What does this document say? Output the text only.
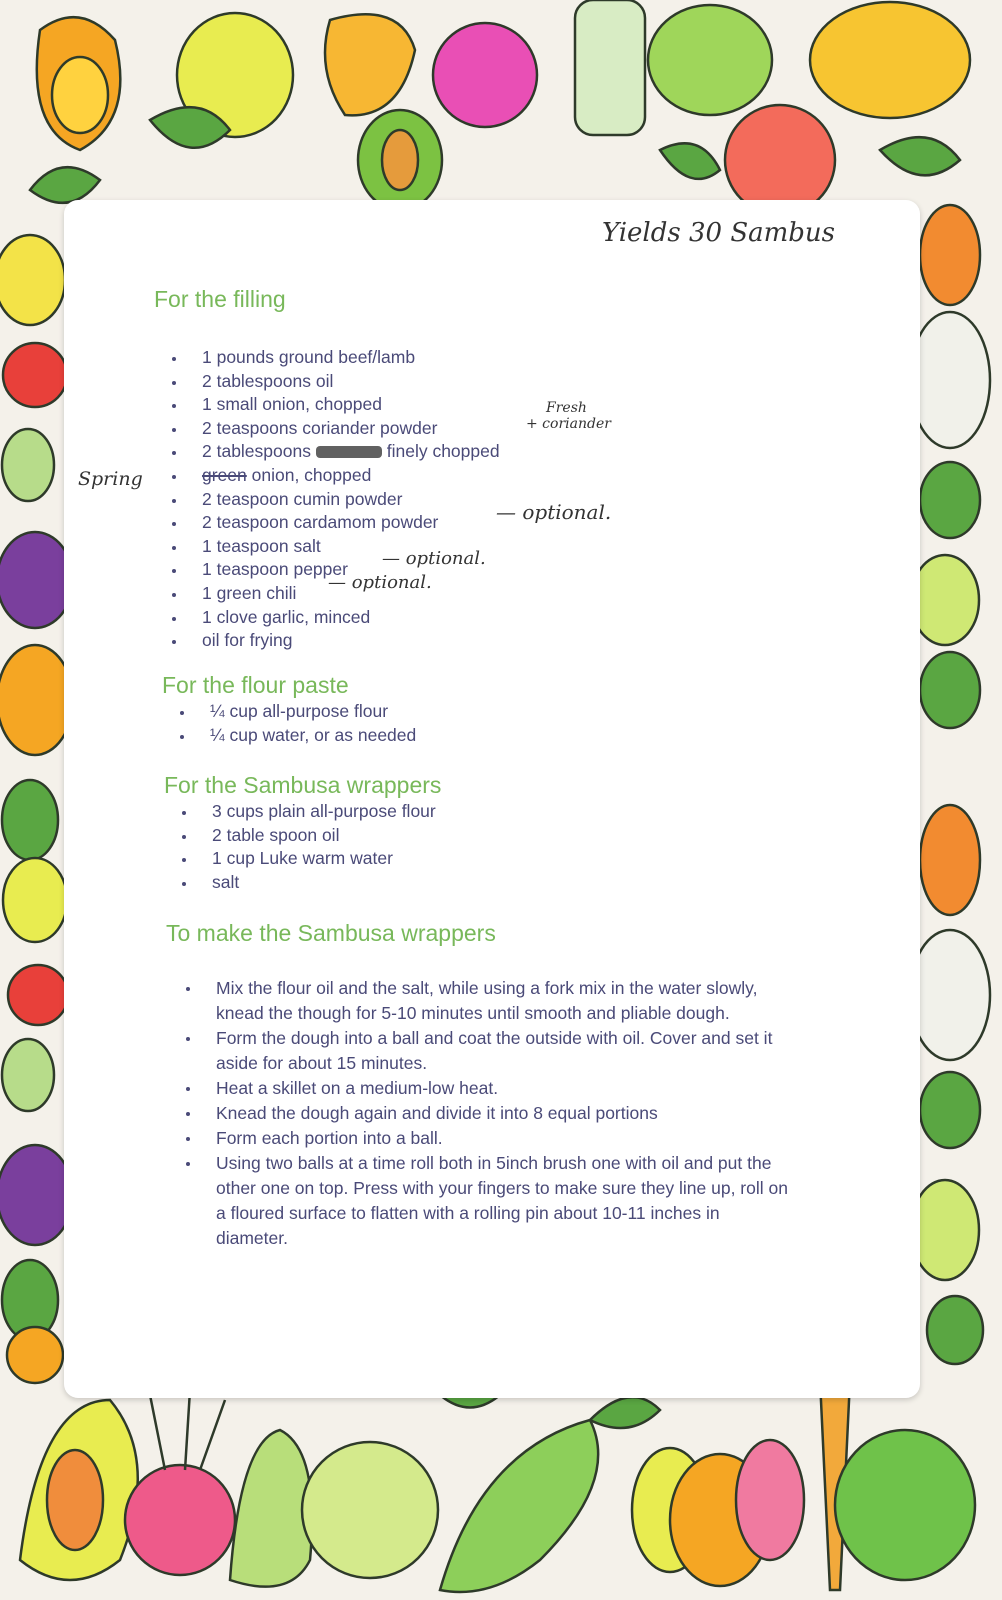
Yields 30 Sambus
For the filling
1 pounds ground beef/lamb
2 tablespoons oil
1 small onion, chopped
2 teaspoons coriander powder
2 tablespoons	finely chopped
green onion, chopped
2 teaspoon cumin powder
2 teaspoon cardamom powder
1 teaspoon salt
1 teaspoon pepper
1 green chili
1 clove garlic, minced
oil for frying
Fresh
+ coriander
Spring
— optional.
— optional.
— optional.
For the flour paste
¼ cup all-purpose flour
¼ cup water, or as needed
For the Sambusa wrappers
3 cups plain all-purpose flour
2 table spoon oil
1 cup Luke warm water
salt
To make the Sambusa wrappers
Mix the flour oil and the salt, while using a fork mix in the water slowly, knead the though for 5-10 minutes until smooth and pliable dough.
Form the dough into a ball and coat the outside with oil. Cover and set it aside for about 15 minutes.
Heat a skillet on a medium-low heat.
Knead the dough again and divide it into 8 equal portions
Form each portion into a ball.
Using two balls at a time roll both in 5inch brush one with oil and put the other one on top. Press with your fingers to make sure they line up, roll on a floured surface to flatten with a rolling pin about 10-11 inches in diameter.
